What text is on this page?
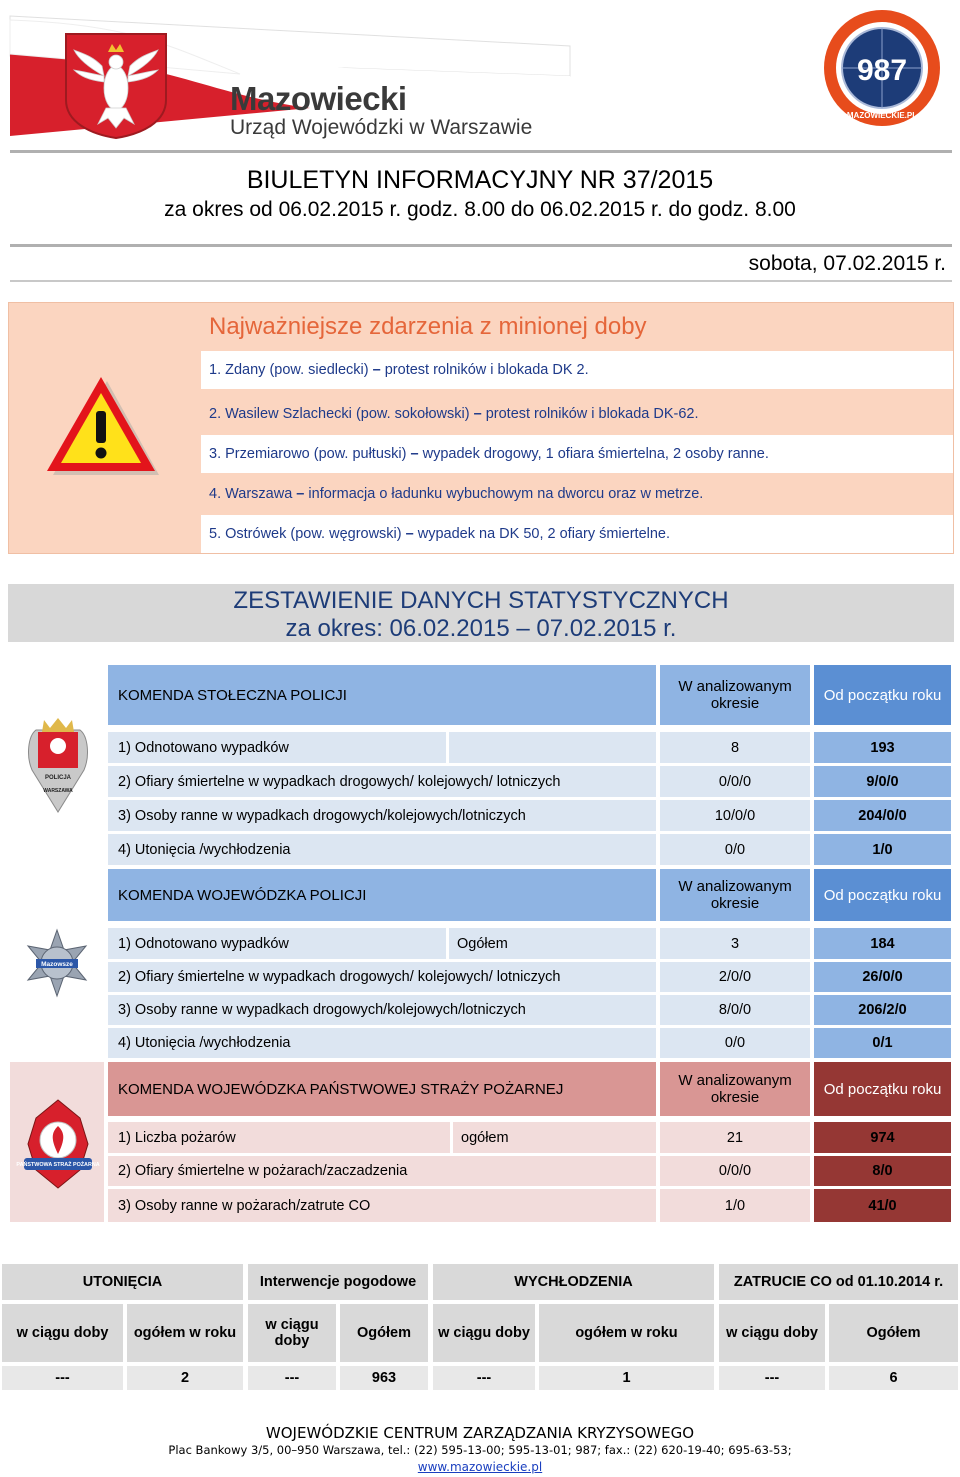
Mazowiecki
Urząd Wojewódzki w Warszawie
987
MAZOWIECKIE.PL
BIULETYN INFORMACYJNY NR 37/2015
za okres od 06.02.2015 r. godz. 8.00 do 06.02.2015 r. do godz. 8.00
sobota, 07.02.2015 r.
Najważniejsze zdarzenia z minionej doby
1. Zdany (pow. siedlecki) – protest rolników i blokada DK 2.
2. Wasilew Szlachecki (pow. sokołowski) – protest rolników i blokada DK-62.
3. Przemiarowo (pow. pułtuski) – wypadek drogowy, 1 ofiara śmiertelna, 2 osoby ranne.
4. Warszawa – informacja o ładunku wybuchowym na dworcu oraz w metrze.
5. Ostrówek (pow. węgrowski) – wypadek na DK 50, 2 ofiary śmiertelne.
ZESTAWIENIE DANYCH STATYSTYCZNYCH
za okres: 06.02.2015 – 07.02.2015 r.
POLICJA
WARSZAWA
KOMENDA STOŁECZNA POLICJI	W analizowanym okresie	Od początku roku
1) Odnotowano wypadków	8	193
2) Ofiary śmiertelne w wypadkach drogowych/ kolejowych/ lotniczych	0/0/0	9/0/0
3) Osoby ranne w wypadkach drogowych/kolejowych/lotniczych	10/0/0	204/0/0
4) Utonięcia /wychłodzenia	0/0	1/0
Mazowsze
KOMENDA WOJEWÓDZKA POLICJI	W analizowanym okresie	Od początku roku
1) Odnotowano wypadków	Ogółem	3	184
2) Ofiary śmiertelne w wypadkach drogowych/ kolejowych/ lotniczych	2/0/0	26/0/0
3) Osoby ranne w wypadkach drogowych/kolejowych/lotniczych	8/0/0	206/2/0
4) Utonięcia /wychłodzenia	0/0	0/1
PAŃSTWOWA STRAŻ POŻARNA
KOMENDA WOJEWÓDZKA PAŃSTWOWEJ STRAŻY POŻARNEJ	W analizowanym okresie	Od początku roku
1) Liczba pożarów	ogółem	21	974
2) Ofiary śmiertelne w pożarach/zaczadzenia	0/0/0	8/0
3) Osoby ranne w pożarach/zatrute CO	1/0	41/0
UTONIĘCIA	Interwencje pogodowe	WYCHŁODZENIA	ZATRUCIE CO od 01.10.2014 r.
w ciągu doby	ogółem w roku	w ciągu doby	Ogółem	w ciągu doby	ogółem w roku	w ciągu doby	Ogółem
---	2	---	963	---	1	---	6
WOJEWÓDZKIE CENTRUM ZARZĄDZANIA KRYZYSOWEGO
Plac Bankowy 3/5, 00–950 Warszawa, tel.: (22) 595-13-00; 595-13-01; 987; fax.: (22) 620-19-40; 695-63-53;
www.mazowieckie.pl
